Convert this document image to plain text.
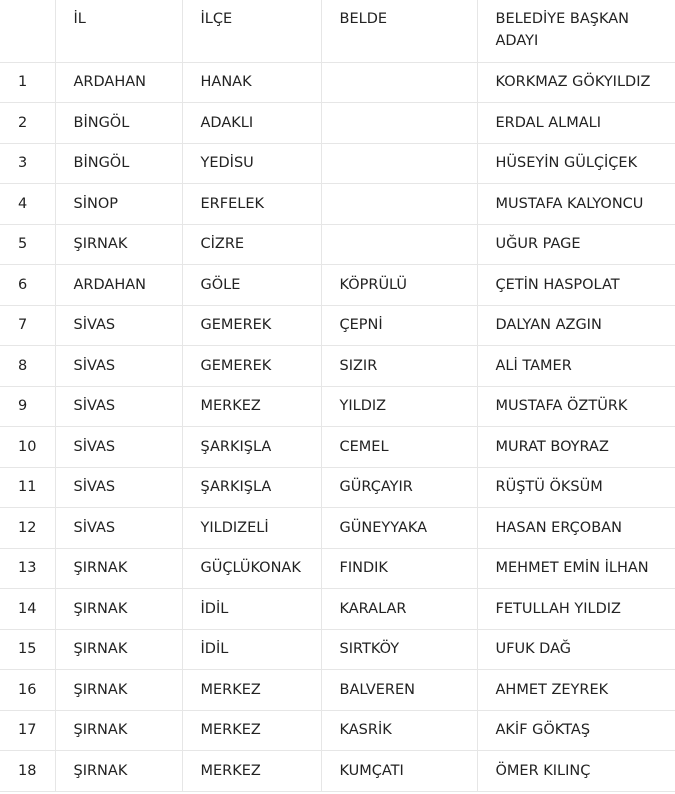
	İL	İLÇE	BELDE	BELEDİYE BAŞKAN ADAYI
1	ARDAHAN	HANAK		KORKMAZ GÖKYILDIZ
2	BİNGÖL	ADAKLI		ERDAL ALMALI
3	BİNGÖL	YEDİSU		HÜSEYİN GÜLÇİÇEK
4	SİNOP	ERFELEK		MUSTAFA KALYONCU
5	ŞIRNAK	CİZRE		UĞUR PAGE
6	ARDAHAN	GÖLE	KÖPRÜLÜ	ÇETİN HASPOLAT
7	SİVAS	GEMEREK	ÇEPNİ	DALYAN AZGIN
8	SİVAS	GEMEREK	SIZIR	ALİ TAMER
9	SİVAS	MERKEZ	YILDIZ	MUSTAFA ÖZTÜRK
10	SİVAS	ŞARKIŞLA	CEMEL	MURAT BOYRAZ
11	SİVAS	ŞARKIŞLA	GÜRÇAYIR	RÜŞTÜ ÖKSÜM
12	SİVAS	YILDIZELİ	GÜNEYYAKA	HASAN ERÇOBAN
13	ŞIRNAK	GÜÇLÜKONAK	FINDIK	MEHMET EMİN İLHAN
14	ŞIRNAK	İDİL	KARALAR	FETULLAH YILDIZ
15	ŞIRNAK	İDİL	SIRTKÖY	UFUK DAĞ
16	ŞIRNAK	MERKEZ	BALVEREN	AHMET ZEYREK
17	ŞIRNAK	MERKEZ	KASRİK	AKİF GÖKTAŞ
18	ŞIRNAK	MERKEZ	KUMÇATI	ÖMER KILINÇ
